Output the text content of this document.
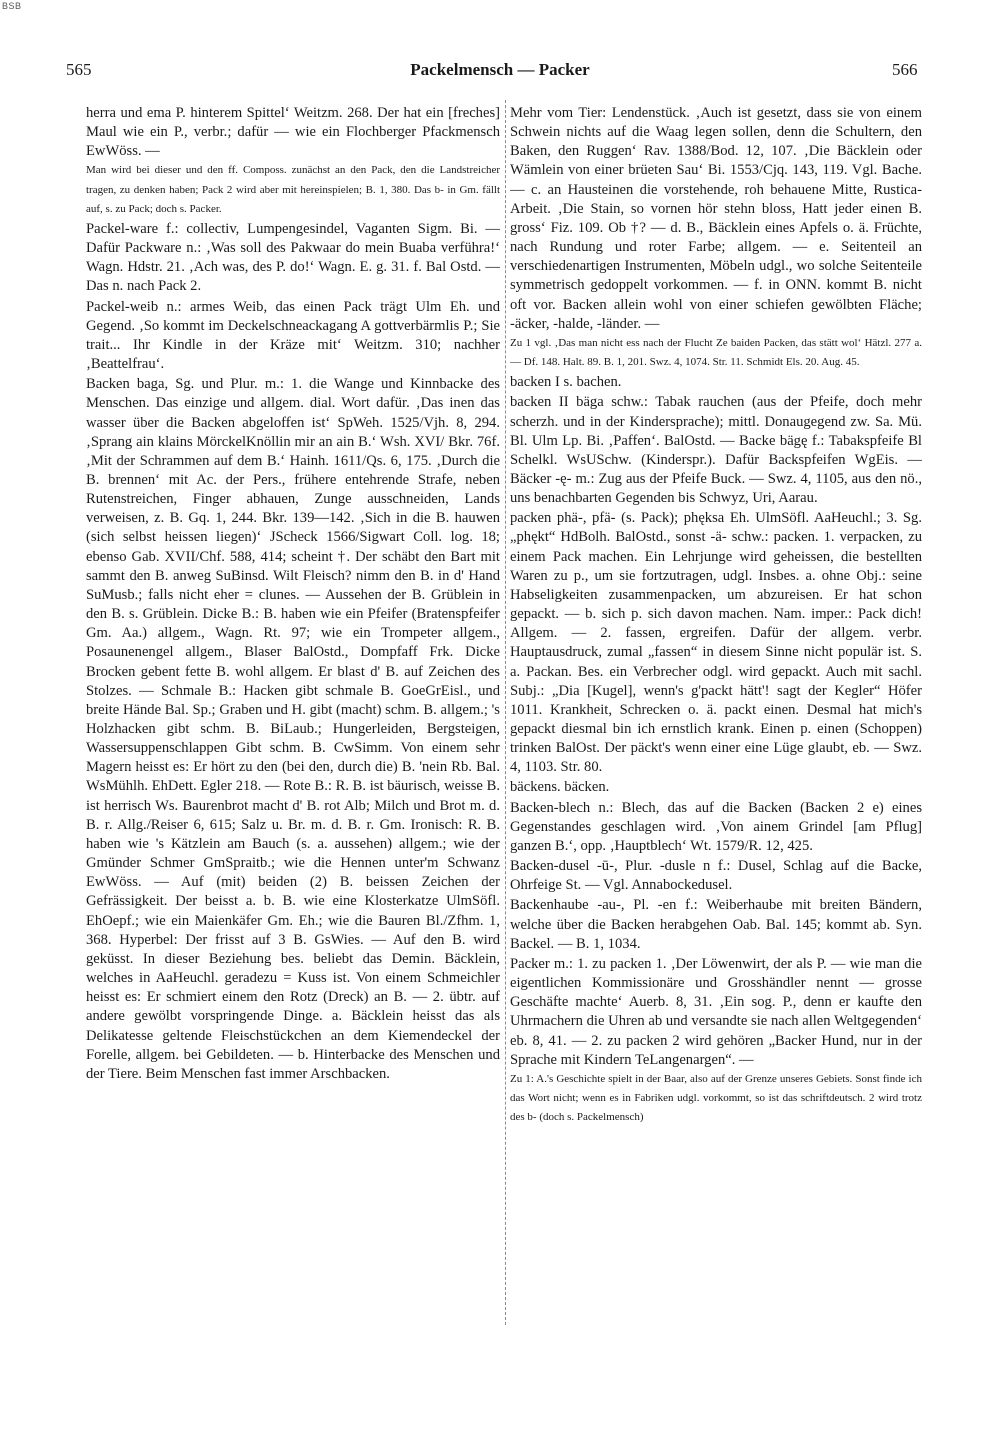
BSB
565	Packelmensch — Packer	566

herra und ema P. hinterem Spittel‘ Weitzm. 268. Der hat ein [freches] Maul wie ein P., verbr.; dafür — wie ein Flochberger Pfackmensch EwWöss. —

Man wird bei dieser und den ff. Composs. zunächst an den Pack, den die Landstreicher tragen, zu denken haben; Pack 2 wird aber mit hereinspielen; B. 1, 380. Das b- in Gm. fällt auf, s. zu Pack; doch s. Packer.

Packel-ware f.: collectiv, Lumpengesindel, Vaganten Sigm. Bi. — Dafür Packware n.: ‚Was soll des Pakwaar do mein Buaba verführa!‘ Wagn. Hdstr. 21. ‚Ach was, des P. do!‘ Wagn. E. g. 31. f. Bal Ostd. — Das n. nach Pack 2.

Packel-weib n.: armes Weib, das einen Pack trägt Ulm Eh. und Gegend. ‚So kommt im Deckelschneackagang A gottverbärmlis P.; Sie trait... Ihr Kindle in der Kräze mit‘ Weitzm. 310; nachher ‚Beattelfrau‘.

Backen baga, Sg. und Plur. m.: 1. die Wange und Kinnbacke des Menschen. Das einzige und allgem. dial. Wort dafür. ‚Das inen das wasser über die Backen abgeloffen ist‘ SpWeh. 1525/Vjh. 8, 294. ‚Sprang ain klains MörckelKnöllin mir an ain B.‘ Wsh. XVI/ Bkr. 76f. ‚Mit der Schrammen auf dem B.‘ Hainh. 1611/Qs. 6, 175. ‚Durch die B. brennen‘ mit Ac. der Pers., frühere entehrende Strafe, neben Rutenstreichen, Finger abhauen, Zunge ausschneiden, Lands verweisen, z. B. Gq. 1, 244. Bkr. 139—142. ‚Sich in die B. hauwen (sich selbst heissen liegen)‘ JScheck 1566/Sigwart Coll. log. 18; ebenso Gab. XVII/Chf. 588, 414; scheint †. Der schäbt den Bart mit sammt den B. anweg SuBinsd. Wilt Fleisch? nimm den B. in d' Hand SuMusb.; falls nicht eher = clunes. — Aussehen der B. Grüblein in den B. s. Grüblein. Dicke B.: B. haben wie ein Pfeifer (Bratenspfeifer Gm. Aa.) allgem., Wagn. Rt. 97; wie ein Trompeter allgem., Posaunenengel allgem., Blaser BalOstd., Dompfaff Frk. Dicke Brocken gebent fette B. wohl allgem. Er blast d' B. auf Zeichen des Stolzes. — Schmale B.: Hacken gibt schmale B. GoeGrEisl., und breite Hände Bal. Sp.; Graben und H. gibt (macht) schm. B. allgem.; 's Holzhacken gibt schm. B. BiLaub.; Hungerleiden, Bergsteigen, Wassersuppenschlappen Gibt schm. B. CwSimm. Von einem sehr Magern heisst es: Er hört zu den (bei den, durch die) B. 'nein Rb. Bal. WsMühlh. EhDett. Egler 218. — Rote B.: R. B. ist bäurisch, weisse B. ist herrisch Ws. Baurenbrot macht d' B. rot Alb; Milch und Brot m. d. B. r. Allg./Reiser 6, 615; Salz u. Br. m. d. B. r. Gm. Ironisch: R. B. haben wie 's Kätzlein am Bauch (s. a. aussehen) allgem.; wie der Gmünder Schmer GmSpraitb.; wie die Hennen unter'm Schwanz EwWöss. — Auf (mit) beiden (2) B. beissen Zeichen der Gefrässigkeit. Der beisst a. b. B. wie eine Klosterkatze UlmSöfl. EhOepf.; wie ein Maienkäfer Gm. Eh.; wie die Bauren Bl./Zfhm. 1, 368. Hyperbel: Der frisst auf 3 B. GsWies. — Auf den B. wird geküsst. In dieser Beziehung bes. beliebt das Demin. Bäcklein, welches in AaHeuchl. geradezu = Kuss ist. Von einem Schmeichler heisst es: Er schmiert einem den Rotz (Dreck) an B. — 2. übtr. auf andere gewölbt vorspringende Dinge. a. Bäcklein heisst das als Delikatesse geltende Fleischstückchen an dem Kiemendeckel der Forelle, allgem. bei Gebildeten. — b. Hinterbacke des Menschen und der Tiere. Beim Menschen fast immer Arschbacken.

Mehr vom Tier: Lendenstück. ‚Auch ist gesetzt, dass sie von einem Schwein nichts auf die Waag legen sollen, denn die Schultern, den Baken, den Ruggen‘ Rav. 1388/Bod. 12, 107. ‚Die Bäcklein oder Wämlein von einer brüeten Sau‘ Bi. 1553/Cjq. 143, 119. Vgl. Bache. — c. an Hausteinen die vorstehende, roh behauene Mitte, Rustica-Arbeit. ‚Die Stain, so vornen hör stehn bloss, Hatt jeder einen B. gross‘ Fiz. 109. Ob †? — d. B., Bäcklein eines Apfels o. ä. Früchte, nach Rundung und roter Farbe; allgem. — e. Seitenteil an verschiedenartigen Instrumenten, Möbeln udgl., wo solche Seitenteile symmetrisch gedoppelt vorkommen. — f. in ONN. kommt B. nicht oft vor. Backen allein wohl von einer schiefen gewölbten Fläche; -äcker, -halde, -länder. —

Zu 1 vgl. ‚Das man nicht ess nach der Flucht Ze baiden Packen, das stätt wol‘ Hätzl. 277 a. — Df. 148. Halt. 89. B. 1, 201. Swz. 4, 1074. Str. 11. Schmidt Els. 20. Aug. 45.

backen I s. bachen.

backen II bäga schw.: Tabak rauchen (aus der Pfeife, doch mehr scherzh. und in der Kindersprache); mittl. Donaugegend zw. Sa. Mü. Bl. Ulm Lp. Bi. ‚Paffen‘. BalOstd. — Backe bägę f.: Tabakspfeife Bl Schelkl. WsUSchw. (Kinderspr.). Dafür Backspfeifen WgEis. — Bäcker -ę- m.: Zug aus der Pfeife Buck. — Swz. 4, 1105, aus den nö., uns benachbarten Gegenden bis Schwyz, Uri, Aarau.

packen phä-, pfä- (s. Pack); phęksa Eh. UlmSöfl. AaHeuchl.; 3. Sg. „phękt“ HdBolh. BalOstd., sonst -ä- schw.: packen. 1. verpacken, zu einem Pack machen. Ein Lehrjunge wird geheissen, die bestellten Waren zu p., um sie fortzutragen, udgl. Insbes. a. ohne Obj.: seine Habseligkeiten zusammenpacken, um abzureisen. Er hat schon gepackt. — b. sich p. sich davon machen. Nam. imper.: Pack dich! Allgem. — 2. fassen, ergreifen. Dafür der allgem. verbr. Hauptausdruck, zumal „fassen“ in diesem Sinne nicht populär ist. S. a. Packan. Bes. ein Verbrecher odgl. wird gepackt. Auch mit sachl. Subj.: „Dia [Kugel], wenn's g'packt hätt'! sagt der Kegler“ Höfer 1011. Krankheit, Schrecken o. ä. packt einen. Desmal hat mich's gepackt diesmal bin ich ernstlich krank. Einen p. einen (Schoppen) trinken BalOst. Der päckt's wenn einer eine Lüge glaubt, eb. — Swz. 4, 1103. Str. 80.

bäckens. bäcken.

Backen-blech n.: Blech, das auf die Backen (Backen 2 e) eines Gegenstandes geschlagen wird. ‚Von ainem Grindel [am Pflug] ganzen B.‘, opp. ‚Hauptblech‘ Wt. 1579/R. 12, 425.

Backen-dusel -ū-, Plur. -dusle n f.: Dusel, Schlag auf die Backe, Ohrfeige St. — Vgl. Annabockedusel.

Backenhaube -au-, Pl. -en f.: Weiberhaube mit breiten Bändern, welche über die Backen herabgehen Oab. Bal. 145; kommt ab. Syn. Backel. — B. 1, 1034.

Packer m.: 1. zu packen 1. ‚Der Löwenwirt, der als P. — wie man die eigentlichen Kommissionäre und Grosshändler nennt — grosse Geschäfte machte‘ Auerb. 8, 31. ‚Ein sog. P., denn er kaufte den Uhrmachern die Uhren ab und versandte sie nach allen Weltgegenden‘ eb. 8, 41. — 2. zu packen 2 wird gehören „Backer Hund, nur in der Sprache mit Kindern TeLangenargen“. —

Zu 1: A.'s Geschichte spielt in der Baar, also auf der Grenze unseres Gebiets. Sonst finde ich das Wort nicht; wenn es in Fabriken udgl. vorkommt, so ist das schriftdeutsch. 2 wird trotz des b- (doch s. Packelmensch)
